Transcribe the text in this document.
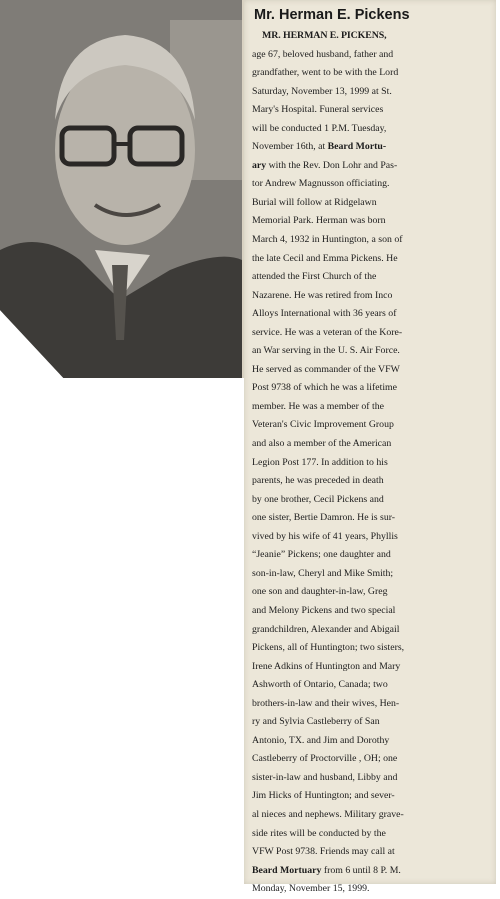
Mr. Herman E. Pickens
MR. HERMAN E. PICKENS,
age 67, beloved husband, father and
grandfather, went to be with the Lord
Saturday, November 13, 1999 at St.
Mary's Hospital. Funeral services
will be conducted 1 P.M. Tuesday,
November 16th, at Beard Mortu-
ary with the Rev. Don Lohr and Pas-
tor Andrew Magnusson officiating.
Burial will follow at Ridgelawn
Memorial Park. Herman was born
March 4, 1932 in Huntington, a son of
the late Cecil and Emma Pickens. He
attended the First Church of the
Nazarene. He was retired from Inco
Alloys International with 36 years of
service. He was a veteran of the Kore-
an War serving in the U. S. Air Force.
He served as commander of the VFW
Post 9738 of which he was a lifetime
member. He was a member of the
Veteran's Civic Improvement Group
and also a member of the American
Legion Post 177. In addition to his
parents, he was preceded in death
by one brother, Cecil Pickens and
one sister, Bertie Damron. He is sur-
vived by his wife of 41 years, Phyllis
“Jeanie” Pickens; one daughter and
son-in-law, Cheryl and Mike Smith;
one son and daughter-in-law, Greg
and Melony Pickens and two special
grandchildren, Alexander and Abigail
Pickens, all of Huntington; two sisters,
Irene Adkins of Huntington and Mary
Ashworth of Ontario, Canada; two
brothers-in-law and their wives, Hen-
ry and Sylvia Castleberry of San
Antonio, TX. and Jim and Dorothy
Castleberry of Proctorville , OH; one
sister-in-law and husband, Libby and
Jim Hicks of Huntington; and sever-
al nieces and nephews. Military grave-
side rites will be conducted by the
VFW Post 9738. Friends may call at
Beard Mortuary from 6 until 8 P. M.
Monday, November 15, 1999.
